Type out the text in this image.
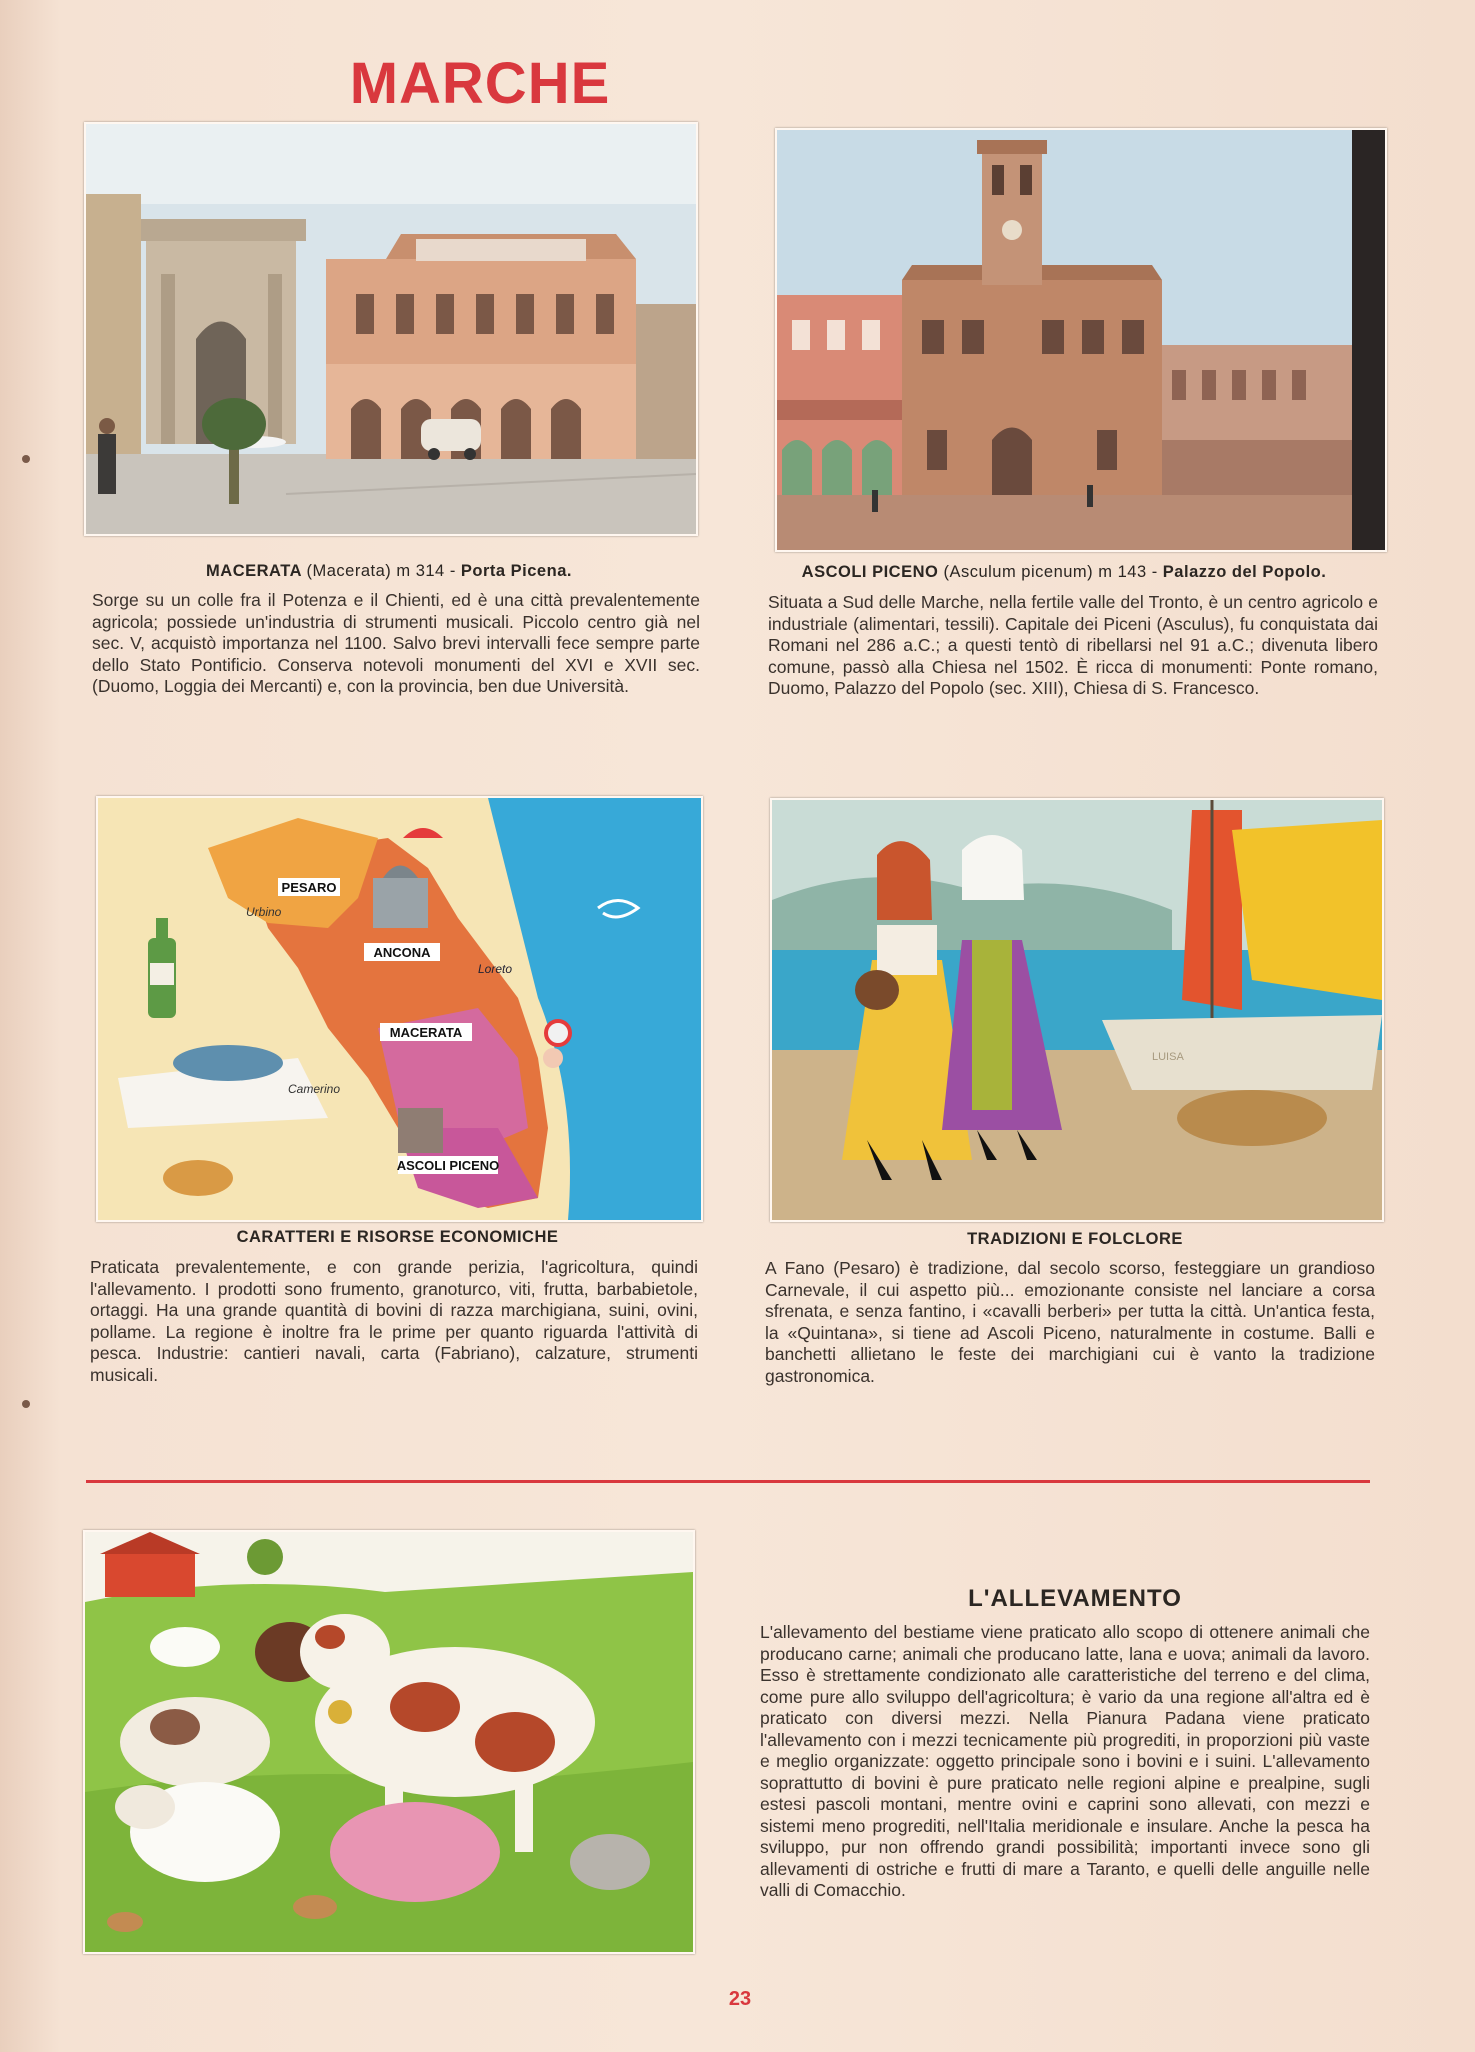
MARCHE
MACERATA (Macerata) m 314 - Porta Picena.
Sorge su un colle fra il Potenza e il Chienti, ed è una città prevalentemente agricola; possiede un'industria di strumenti musicali. Piccolo centro già nel sec. V, acquistò importanza nel 1100. Salvo brevi intervalli fece sempre parte dello Stato Pontificio. Conserva notevoli monumenti del XVI e XVII sec. (Duomo, Loggia dei Mercanti) e, con la provincia, ben due Università.
ASCOLI PICENO (Asculum picenum) m 143 - Palazzo del Popolo.
Situata a Sud delle Marche, nella fertile valle del Tronto, è un centro agricolo e industriale (alimentari, tessili). Capitale dei Piceni (Asculus), fu conquistata dai Romani nel 286 a.C.; a questi tentò di ribellarsi nel 91 a.C.; divenuta libero comune, passò alla Chiesa nel 1502. È ricca di monumenti: Ponte romano, Duomo, Palazzo del Popolo (sec. XIII), Chiesa di S. Francesco.
PESARO
Urbino
ANCONA
Loreto
MACERATA
Camerino
ASCOLI PICENO
LUISA
CARATTERI E RISORSE ECONOMICHE
Praticata prevalentemente, e con grande perizia, l'agricoltura, quindi l'allevamento. I prodotti sono frumento, granoturco, viti, frutta, barbabietole, ortaggi. Ha una grande quantità di bovini di razza marchigiana, suini, ovini, pollame. La regione è inoltre fra le prime per quanto riguarda l'attività di pesca. Industrie: cantieri navali, carta (Fabriano), calzature, strumenti musicali.
TRADIZIONI E FOLCLORE
A Fano (Pesaro) è tradizione, dal secolo scorso, festeggiare un grandioso Carnevale, il cui aspetto più... emozionante consiste nel lanciare a corsa sfrenata, e senza fantino, i «cavalli berberi» per tutta la città. Un'antica festa, la «Quintana», si tiene ad Ascoli Piceno, naturalmente in costume. Balli e banchetti allietano le feste dei marchigiani cui è vanto la tradizione gastronomica.
L'ALLEVAMENTO
L'allevamento del bestiame viene praticato allo scopo di ottenere animali che producano carne; animali che producano latte, lana e uova; animali da lavoro. Esso è strettamente condizionato alle caratteristiche del terreno e del clima, come pure allo sviluppo dell'agricoltura; è vario da una regione all'altra ed è praticato con diversi mezzi. Nella Pianura Padana viene praticato l'allevamento con i mezzi tecnicamente più progrediti, in proporzioni più vaste e meglio organizzate: oggetto principale sono i bovini e i suini. L'allevamento soprattutto di bovini è pure praticato nelle regioni alpine e prealpine, sugli estesi pascoli montani, mentre ovini e caprini sono allevati, con mezzi e sistemi meno progrediti, nell'Italia meridionale e insulare. Anche la pesca ha sviluppo, pur non offrendo grandi possibilità; importanti invece sono gli allevamenti di ostriche e frutti di mare a Taranto, e quelli delle anguille nelle valli di Comacchio.
23
